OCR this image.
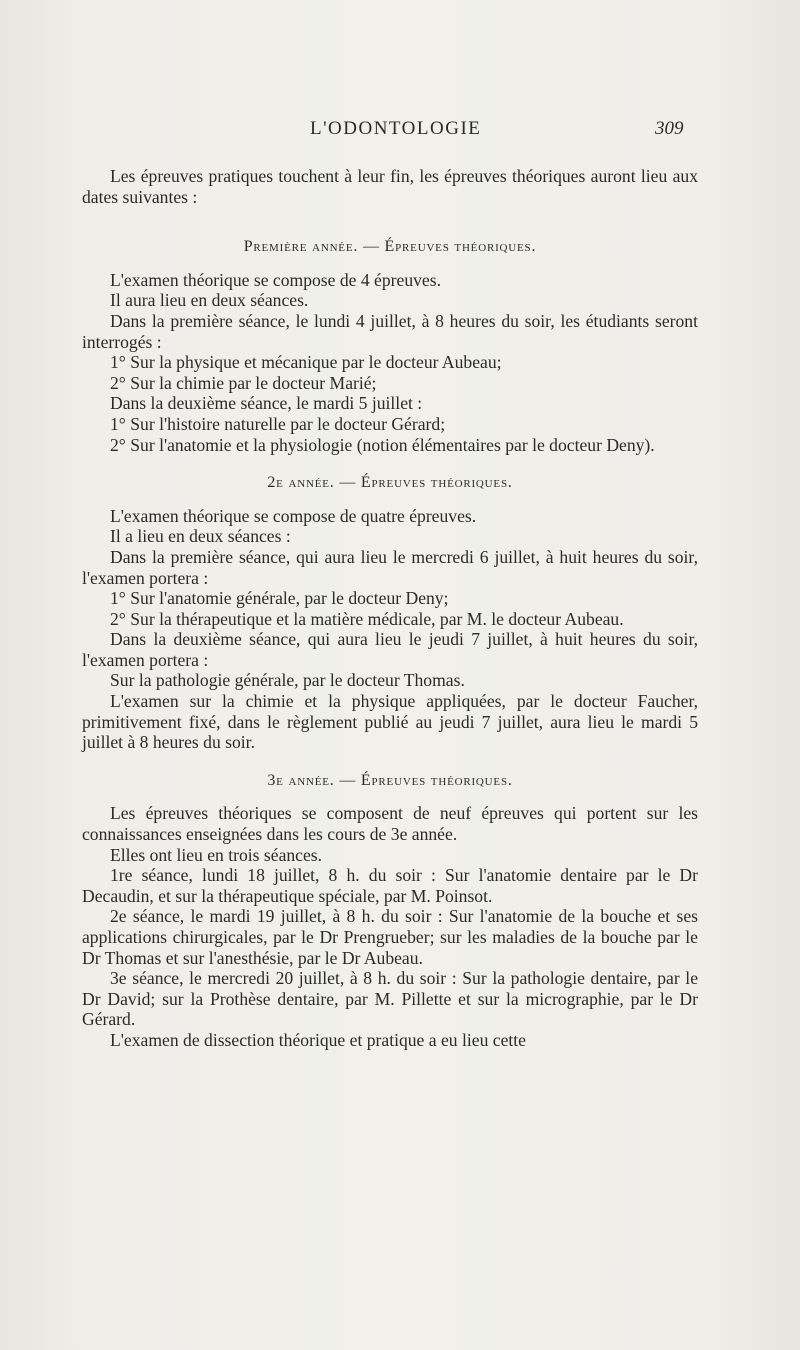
L'ODONTOLOGIE	309

Les épreuves pratiques touchent à leur fin, les épreuves théoriques auront lieu aux dates suivantes :

Première année. — Épreuves théoriques.

L'examen théorique se compose de 4 épreuves.

Il aura lieu en deux séances.

Dans la première séance, le lundi 4 juillet, à 8 heures du soir, les étudiants seront interrogés :

1° Sur la physique et mécanique par le docteur Aubeau;

2° Sur la chimie par le docteur Marié;

Dans la deuxième séance, le mardi 5 juillet :

1° Sur l'histoire naturelle par le docteur Gérard;

2° Sur l'anatomie et la physiologie (notion élémentaires par le docteur Deny).

2e année. — Épreuves théoriques.

L'examen théorique se compose de quatre épreuves.

Il a lieu en deux séances :

Dans la première séance, qui aura lieu le mercredi 6 juillet, à huit heures du soir, l'examen portera :

1° Sur l'anatomie générale, par le docteur Deny;

2° Sur la thérapeutique et la matière médicale, par M. le docteur Aubeau.

Dans la deuxième séance, qui aura lieu le jeudi 7 juillet, à huit heures du soir, l'examen portera :

Sur la pathologie générale, par le docteur Thomas.

L'examen sur la chimie et la physique appliquées, par le docteur Faucher, primitivement fixé, dans le règlement publié au jeudi 7 juillet, aura lieu le mardi 5 juillet à 8 heures du soir.

3e année. — Épreuves théoriques.

Les épreuves théoriques se composent de neuf épreuves qui portent sur les connaissances enseignées dans les cours de 3e année.

Elles ont lieu en trois séances.

1re séance, lundi 18 juillet, 8 h. du soir : Sur l'anatomie dentaire par le Dr Decaudin, et sur la thérapeutique spéciale, par M. Poinsot.

2e séance, le mardi 19 juillet, à 8 h. du soir : Sur l'anatomie de la bouche et ses applications chirurgicales, par le Dr Prengrueber; sur les maladies de la bouche par le Dr Thomas et sur l'anesthésie, par le Dr Aubeau.

3e séance, le mercredi 20 juillet, à 8 h. du soir : Sur la pathologie dentaire, par le Dr David; sur la Prothèse dentaire, par M. Pillette et sur la micrographie, par le Dr Gérard.

L'examen de dissection théorique et pratique a eu lieu cette
